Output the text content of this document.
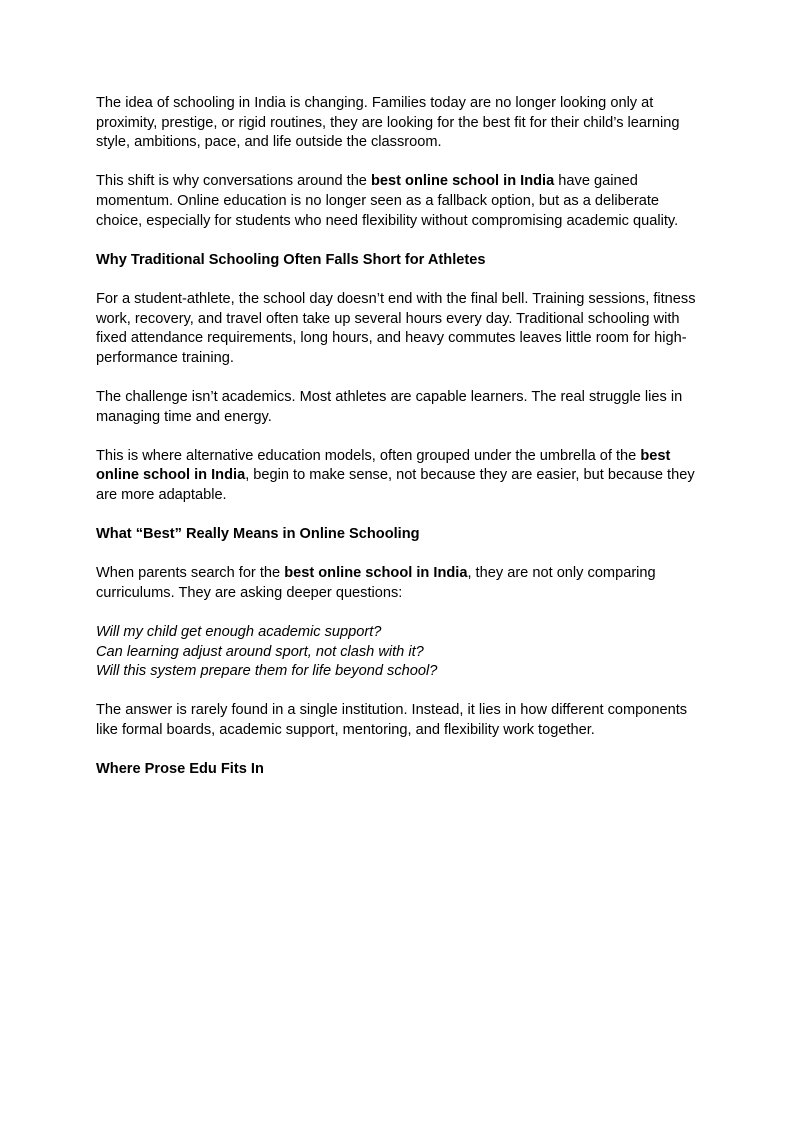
The idea of schooling in India is changing. Families today are no longer looking only at proximity, prestige, or rigid routines, they are looking for the best fit for their child’s learning style, ambitions, pace, and life outside the classroom.

This shift is why conversations around the best online school in India have gained momentum. Online education is no longer seen as a fallback option, but as a deliberate choice, especially for students who need flexibility without compromising academic quality.

Why Traditional Schooling Often Falls Short for Athletes

For a student-athlete, the school day doesn’t end with the final bell. Training sessions, fitness work, recovery, and travel often take up several hours every day. Traditional schooling with fixed attendance requirements, long hours, and heavy commutes leaves little room for high-performance training.

The challenge isn’t academics. Most athletes are capable learners. The real struggle lies in managing time and energy.

This is where alternative education models, often grouped under the umbrella of the best online school in India, begin to make sense, not because they are easier, but because they are more adaptable.

What “Best” Really Means in Online Schooling

When parents search for the best online school in India, they are not only comparing curriculums. They are asking deeper questions:

Will my child get enough academic support?
Can learning adjust around sport, not clash with it?
Will this system prepare them for life beyond school?

The answer is rarely found in a single institution. Instead, it lies in how different components like formal boards, academic support, mentoring, and flexibility work together.

Where Prose Edu Fits In
